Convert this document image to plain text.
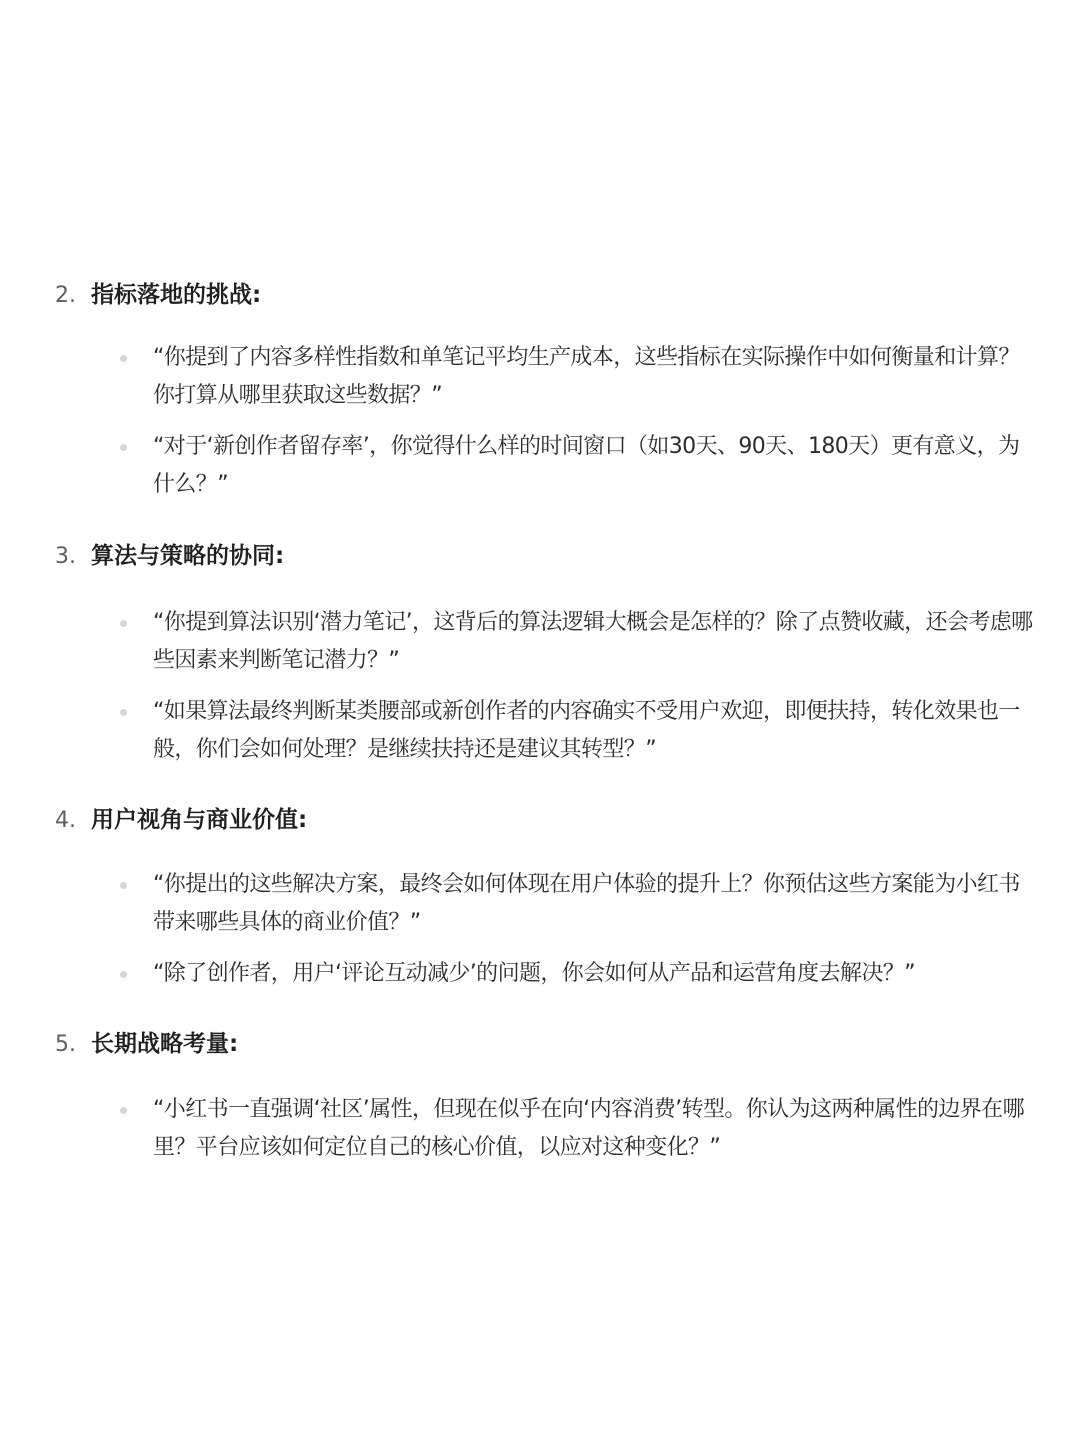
2. 指标落地的挑战:
“你提到了内容多样性指数和单笔记平均生产成本，这些指标在实际操作中如何衡量和计算？你打算从哪里获取这些数据？”
“对于‘新创作者留存率’，你觉得什么样的时间窗口（如30天、90天、180天）更有意义，为什么？”
3. 算法与策略的协同:
“你提到算法识别‘潜力笔记’，这背后的算法逻辑大概会是怎样的？除了点赞收藏，还会考虑哪些因素来判断笔记潜力？”
“如果算法最终判断某类腰部或新创作者的内容确实不受用户欢迎，即便扶持，转化效果也一般，你们会如何处理？是继续扶持还是建议其转型？”
4. 用户视角与商业价值:
“你提出的这些解决方案，最终会如何体现在用户体验的提升上？你预估这些方案能为小红书带来哪些具体的商业价值？”
“除了创作者，用户‘评论互动减少’的问题，你会如何从产品和运营角度去解决？”
5. 长期战略考量:
“小红书一直强调‘社区’属性，但现在似乎在向‘内容消费’转型。你认为这两种属性的边界在哪里？平台应该如何定位自己的核心价值，以应对这种变化？”
